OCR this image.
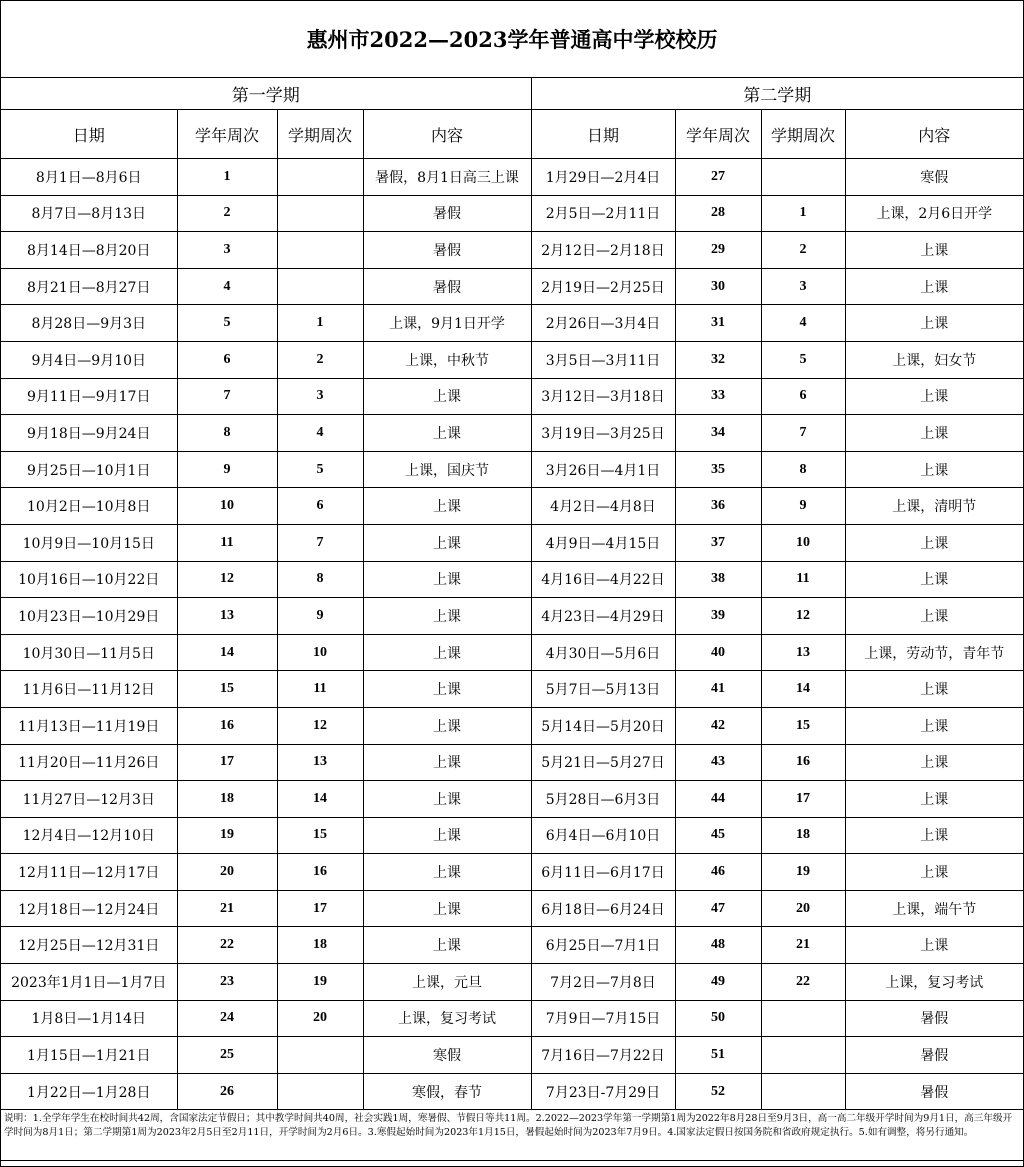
惠州市2022—2023学年普通高中学校校历							
第一学期				第二学期			
日期	学年周次	学期周次	内容	日期	学年周次	学期周次	内容
8月1日—8月6日	1		暑假，8月1日高三上课	1月29日—2月4日	27		寒假
8月7日—8月13日	2		暑假	2月5日—2月11日	28	1	上课，2月6日开学
8月14日—8月20日	3		暑假	2月12日—2月18日	29	2	上课
8月21日—8月27日	4		暑假	2月19日—2月25日	30	3	上课
8月28日—9月3日	5	1	上课，9月1日开学	2月26日—3月4日	31	4	上课
9月4日—9月10日	6	2	上课，中秋节	3月5日—3月11日	32	5	上课，妇女节
9月11日—9月17日	7	3	上课	3月12日—3月18日	33	6	上课
9月18日—9月24日	8	4	上课	3月19日—3月25日	34	7	上课
9月25日—10月1日	9	5	上课，国庆节	3月26日—4月1日	35	8	上课
10月2日—10月8日	10	6	上课	4月2日—4月8日	36	9	上课，清明节
10月9日—10月15日	11	7	上课	4月9日—4月15日	37	10	上课
10月16日—10月22日	12	8	上课	4月16日—4月22日	38	11	上课
10月23日—10月29日	13	9	上课	4月23日—4月29日	39	12	上课
10月30日—11月5日	14	10	上课	4月30日—5月6日	40	13	上课，劳动节，青年节
11月6日—11月12日	15	11	上课	5月7日—5月13日	41	14	上课
11月13日—11月19日	16	12	上课	5月14日—5月20日	42	15	上课
11月20日—11月26日	17	13	上课	5月21日—5月27日	43	16	上课
11月27日—12月3日	18	14	上课	5月28日—6月3日	44	17	上课
12月4日—12月10日	19	15	上课	6月4日—6月10日	45	18	上课
12月11日—12月17日	20	16	上课	6月11日—6月17日	46	19	上课
12月18日—12月24日	21	17	上课	6月18日—6月24日	47	20	上课，端午节
12月25日—12月31日	22	18	上课	6月25日—7月1日	48	21	上课
2023年1月1日—1月7日	23	19	上课，元旦	7月2日—7月8日	49	22	上课，复习考试
1月8日—1月14日	24	20	上课，复习考试	7月9日—7月15日	50		暑假
1月15日—1月21日	25		寒假	7月16日—7月22日	51		暑假
1月22日—1月28日	26		寒假，春节	7月23日-7月29日	52		暑假
说明：1.全学年学生在校时间共42周，含国家法定节假日；其中教学时间共40周，社会实践1周，寒暑假、节假日等共11周。2.2022—2023学年第一学期第1周为2022年8月28日至9月3日，高一高二年级开学时间为9月1日，高三年级开学时间为8月1日；第二学期第1周为2023年2月5日至2月11日，开学时间为2月6日。3.寒假起始时间为2023年1月15日，暑假起始时间为2023年7月9日。4.国家法定假日按国务院和省政府规定执行。5.如有调整，将另行通知。							
